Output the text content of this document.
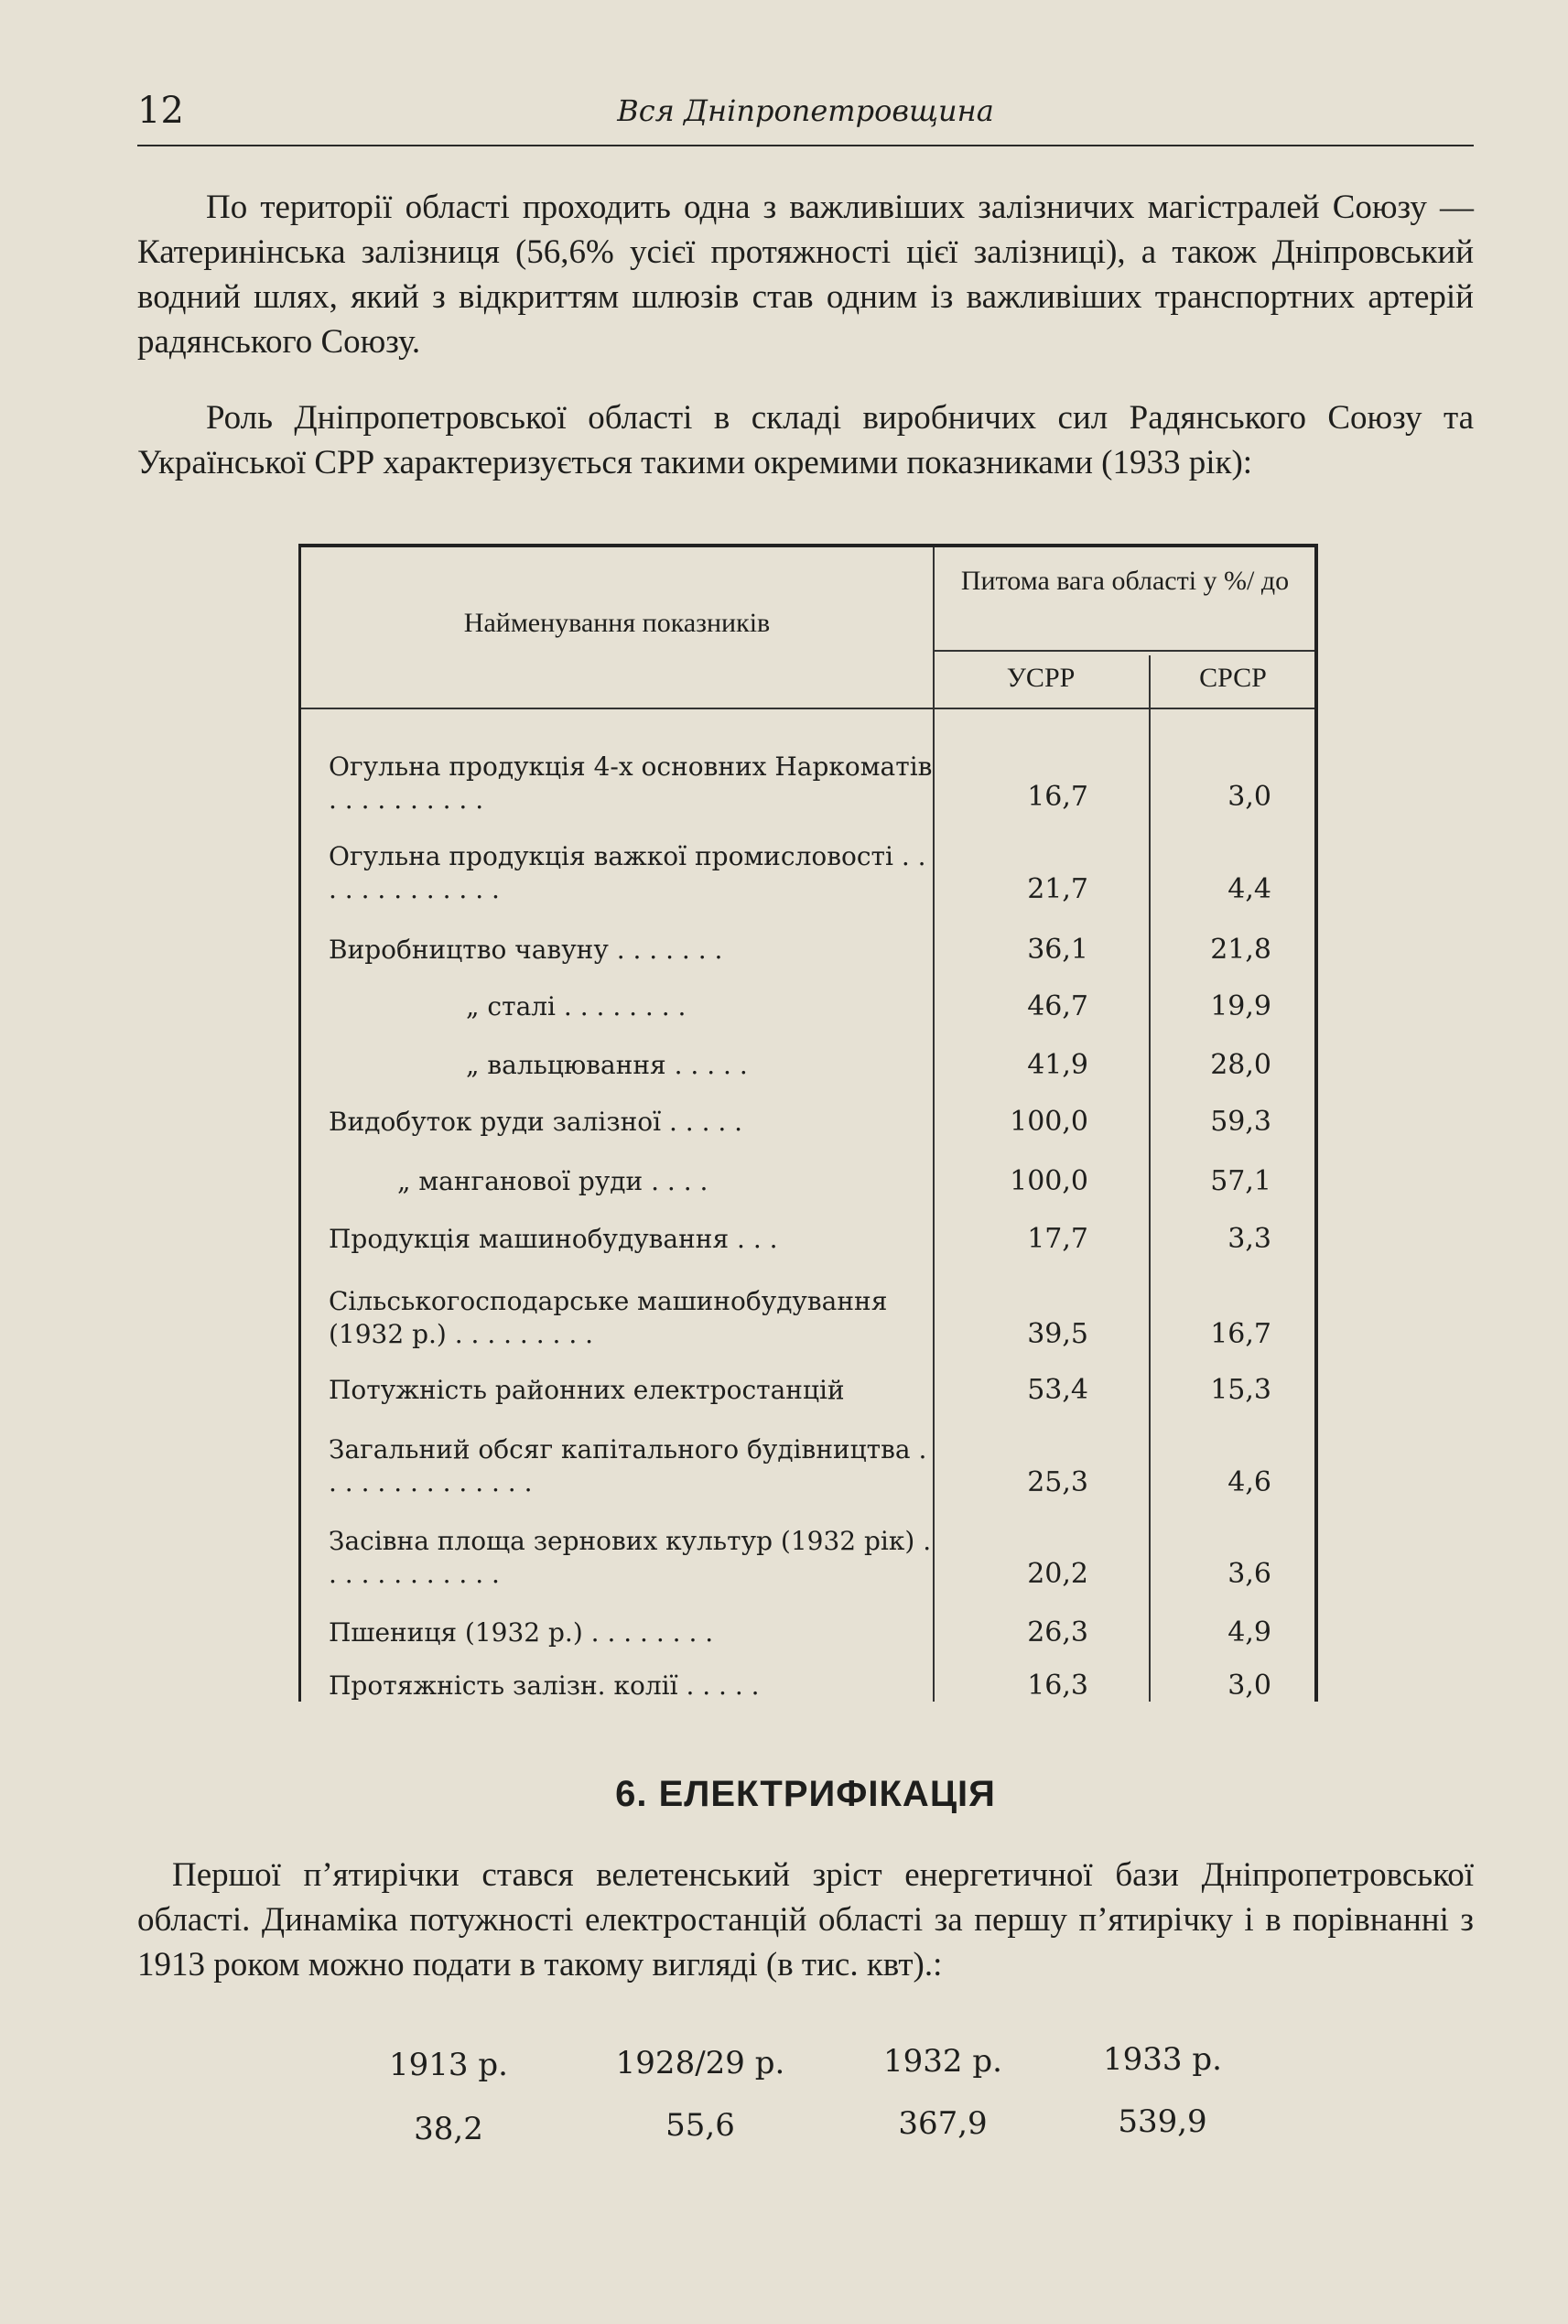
12	Вся Дніпропетровщина

По території області проходить одна з важливіших залізничих магістралей Союзу — Катеринінська залізниця (56,6% усієї протяжності цієї залізниці), а також Дніпровський водний шлях, який з відкриттям шлюзів став одним із важливіших транспортних артерій радянського Союзу.

Роль Дніпропетровської області в складі виробничих сил Радянського Союзу та Української СРР характеризується такими окремими показниками (1933 рік):

Найменування показників
Питома вага області у %/ до
УСРР	СРСР
Огульна продукція 4-х основних Наркоматів . . . . . . . . . .	16,7	3,0
Огульна продукція важкої промисловості . . . . . . . . . . . . .	21,7	4,4
Виробництво чавуну . . . . . . .	36,1	21,8
„ сталі . . . . . . . .	46,7	19,9
„ вальцювання . . . . .	41,9	28,0
Видобуток руди залізної . . . . .	100,0	59,3
„ манганової руди . . . .	100,0	57,1
Продукція машинобудування . . .	17,7	3,3
Сільськогосподарське машинобудування (1932 р.) . . . . . . . . .	39,5	16,7
Потужність районних електростанцій	53,4	15,3
Загальний обсяг капітального будівництва . . . . . . . . . . . . . .	25,3	4,6
Засівна площа зернових культур (1932 рік) . . . . . . . . . . . .	20,2	3,6
Пшениця (1932 р.) . . . . . . . .	26,3	4,9
Протяжність залізн. колії . . . . .	16,3	3,0
6. ЕЛЕКТРИФІКАЦІЯ

Першої п’ятирічки стався велетенський зріст енергетичної бази Дніпропетровської області. Динаміка потужності електростанцій області за першу п’ятирічку і в порівнанні з 1913 роком можно подати в такому вигляді (в тис. квт).:

1913 р.	1928/29 р.	1932 р.	1933 р.
38,2	55,6	367,9	539,9
